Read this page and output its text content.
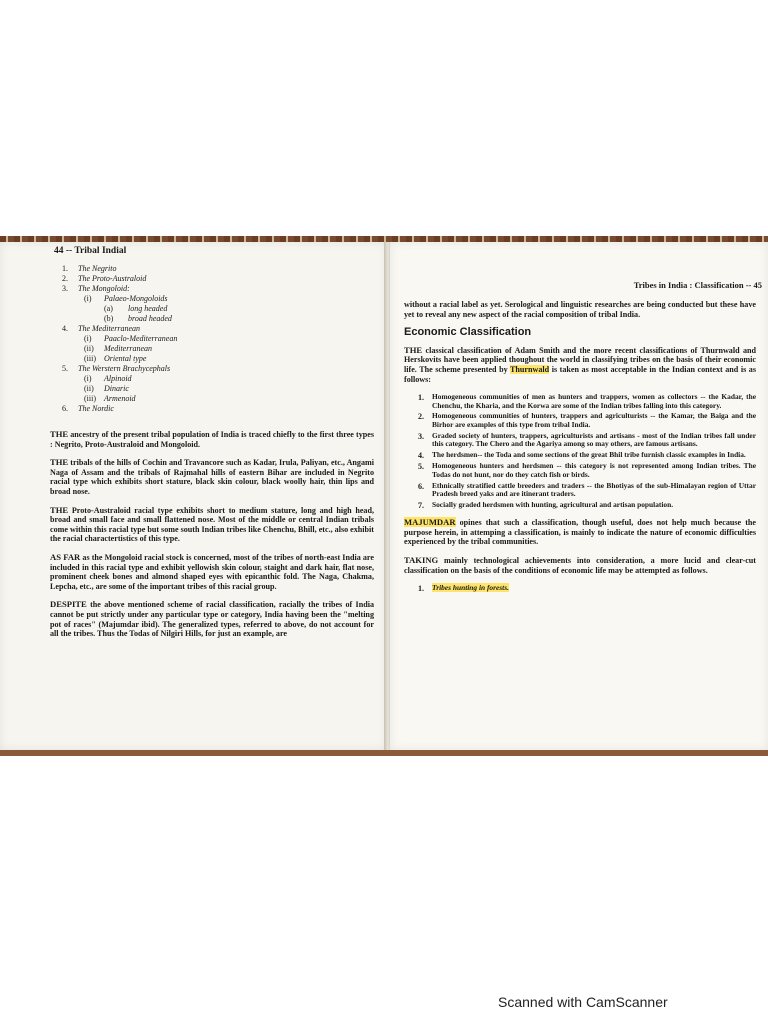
44 -- Tribal Indial
1.	The Negrito
2.	The Proto-Australoid
3.	The Mongoloid:
(i)	Palaeo-Mongoloids
(a)	long headed
(b)	broad headed
4.	The Mediterranean
(i)	Paaclo-Mediterranean
(ii)	Mediterranean
(iii)	Oriental type
5.	The Werstern Brachycephals
(i)	Alpinoid
(ii)	Dinaric
(iii)	Armenoid
6.	The Nordic

THE ancestry of the present tribal population of India is traced chiefly to the first three types : Negrito, Proto-Australoid and Mongoloid.

THE tribals of the hills of Cochin and Travancore such as Kadar, Irula, Paliyan, etc., Angami Naga of Assam and the tribals of Rajmahal hills of eastern Bihar are included in Negrito racial type which exhibits short stature, black skin colour, black woolly hair, thin lips and broad nose.

THE Proto-Australoid racial type exhibits short to medium stature, long and high head, broad and small face and small flattened nose. Most of the middle or central Indian tribals come within this racial type but some south Indian tribes like Chenchu, Bhill, etc., also exhibit the racial charactertistics of this type.

AS FAR as the Mongoloid racial stock is concerned, most of the tribes of north-east India are included in this racial type and exhibit yellowish skin colour, staight and dark hair, flat nose, prominent cheek bones and almond shaped eyes with epicanthic fold. The Naga, Chakma, Lepcha, etc., are some of the important tribes of this racial group.

DESPITE the above mentioned scheme of racial classification, racially the tribes of India cannot be put strictly under any particular type or category, India having been the "melting pot of races" (Majumdar ibid). The generalized types, referred to above, do not account for all the tribes. Thus the Todas of Nilgiri Hills, for just an example, are

Tribes in India : Classification -- 45

without a racial label as yet. Serological and linguistic researches are being conducted but these have yet to reveal any new aspect of the racial composition of tribal India.

Economic Classification

THE classical classification of Adam Smith and the more recent classifications of Thurnwald and Herskovits have been applied thoughout the world in classifying tribes on the basis of their economic life. The scheme presented by Thurnwald is taken as most acceptable in the Indian context and is as follows:

1.	Homogeneous communities of men as hunters and trappers, women as collectors -- the Kadar, the Chenchu, the Kharia, and the Korwa are some of the Indian tribes falling into this category.
2.	Homogeneous communities of hunters, trappers and agriculturists -- the Kamar, the Baiga and the Birhor are examples of this type from tribal India.
3.	Graded society of hunters, trappers, agriculturists and artisans - most of the Indian tribes fall under this category. The Chero and the Agariya among so may others, are famous artisans.
4.	The herdsmen-- the Toda and some sections of the great Bhil tribe furnish classic examples in India.
5.	Homogeneous hunters and herdsmen -- this category is not represented among Indian tribes. The Todas do not hunt, nor do they catch fish or birds.
6.	Ethnically stratified cattle breeders and traders -- the Bhotiyas of the sub-Himalayan region of Uttar Pradesh breed yaks and are itinerant traders.
7.	Socially graded herdsmen with hunting, agricultural and artisan population.

MAJUMDAR opines that such a classification, though useful, does not help much because the purpose herein, in attemping a classification, is mainly to indicate the nature of economic difficulties experienced by the tribal communities.

TAKING mainly technological achievements into consideration, a more lucid and clear-cut classification on the basis of the conditions of economic life may be attempted as follows.

1.	Tribes hunting in forests.
Scanned with CamScanner
